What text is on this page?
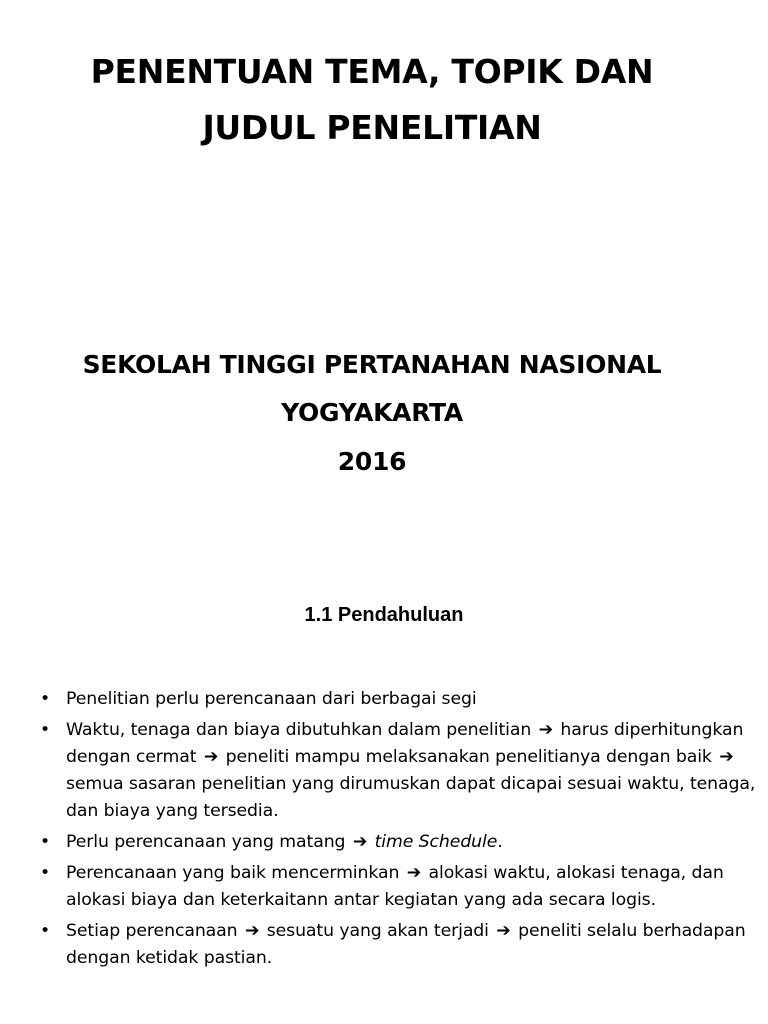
PENENTUAN TEMA, TOPIK DAN
JUDUL PENELITIAN
SEKOLAH TINGGI PERTANAHAN NASIONAL
YOGYAKARTA
2016
1.1 Pendahuluan
• Penelitian perlu perencanaan dari berbagai segi
• Waktu, tenaga dan biaya dibutuhkan dalam penelitian ➔ harus diperhitungkan dengan cermat ➔ peneliti mampu melaksanakan penelitianya dengan baik ➔ semua sasaran penelitian yang dirumuskan dapat dicapai sesuai waktu, tenaga, dan biaya yang tersedia.
• Perlu perencanaan yang matang ➔ time Schedule.
• Perencanaan yang baik mencerminkan ➔ alokasi waktu, alokasi tenaga, dan alokasi biaya dan keterkaitann antar kegiatan yang ada secara logis.
• Setiap perencanaan ➔ sesuatu yang akan terjadi ➔ peneliti selalu berhadapan dengan ketidak pastian.
